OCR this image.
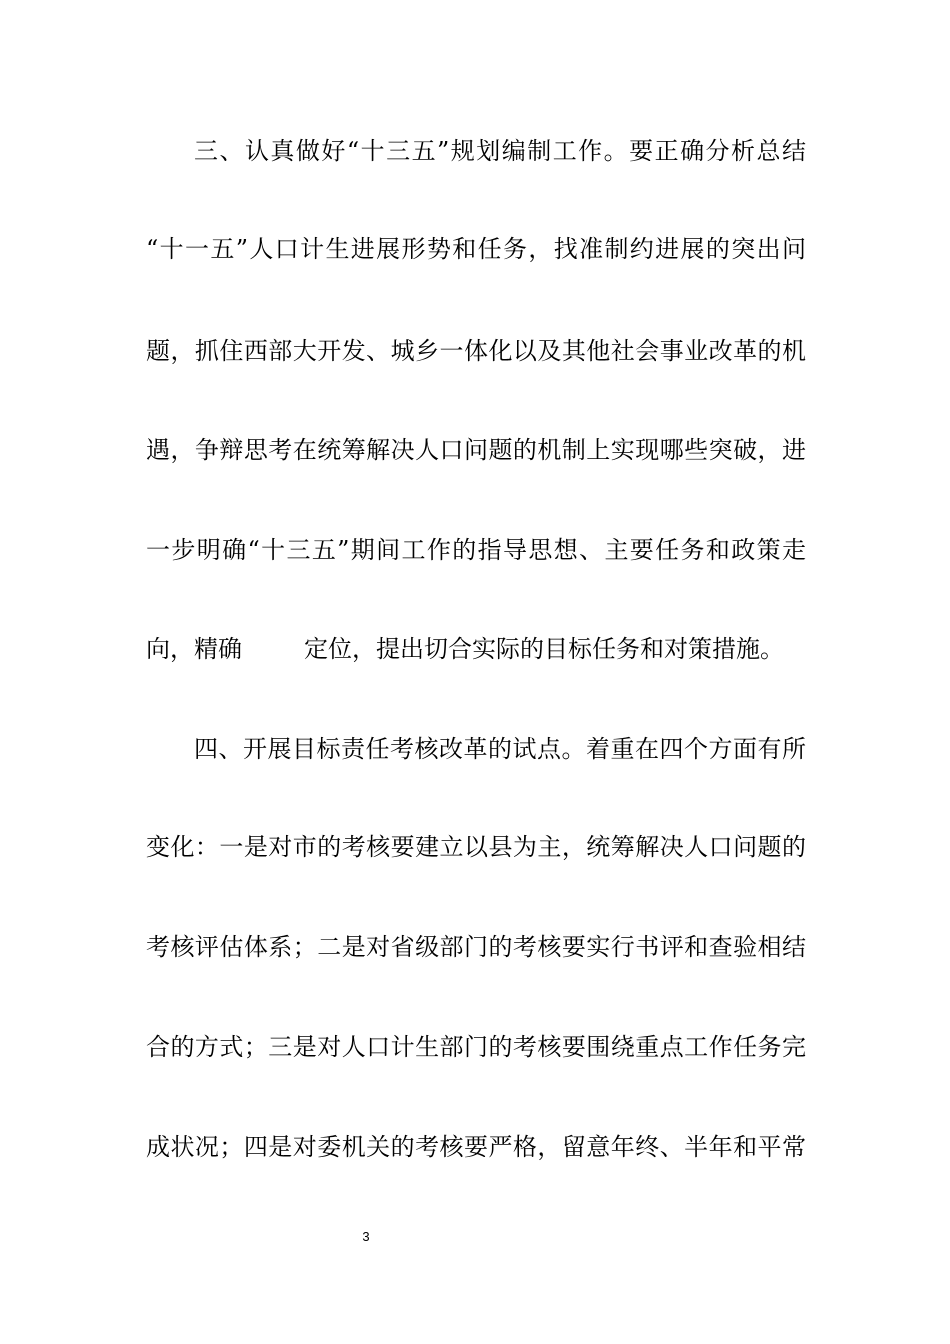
三、认真做好“十三五”规划编制工作。要正确分析总结
“十一五”人口计生进展形势和任务，找准制约进展的突出问
题，抓住西部大开发、城乡一体化以及其他社会事业改革的机
遇，争辩思考在统筹解决人口问题的机制上实现哪些突破，进
一步明确“十三五”期间工作的指导思想、主要任务和政策走
向，精确	定位，提出切合实际的目标任务和对策措施。
四、开展目标责任考核改革的试点。着重在四个方面有所
变化：一是对市的考核要建立以县为主，统筹解决人口问题的
考核评估体系；二是对省级部门的考核要实行书评和查验相结
合的方式；三是对人口计生部门的考核要围绕重点工作任务完
成状况；四是对委机关的考核要严格，留意年终、半年和平常
3
